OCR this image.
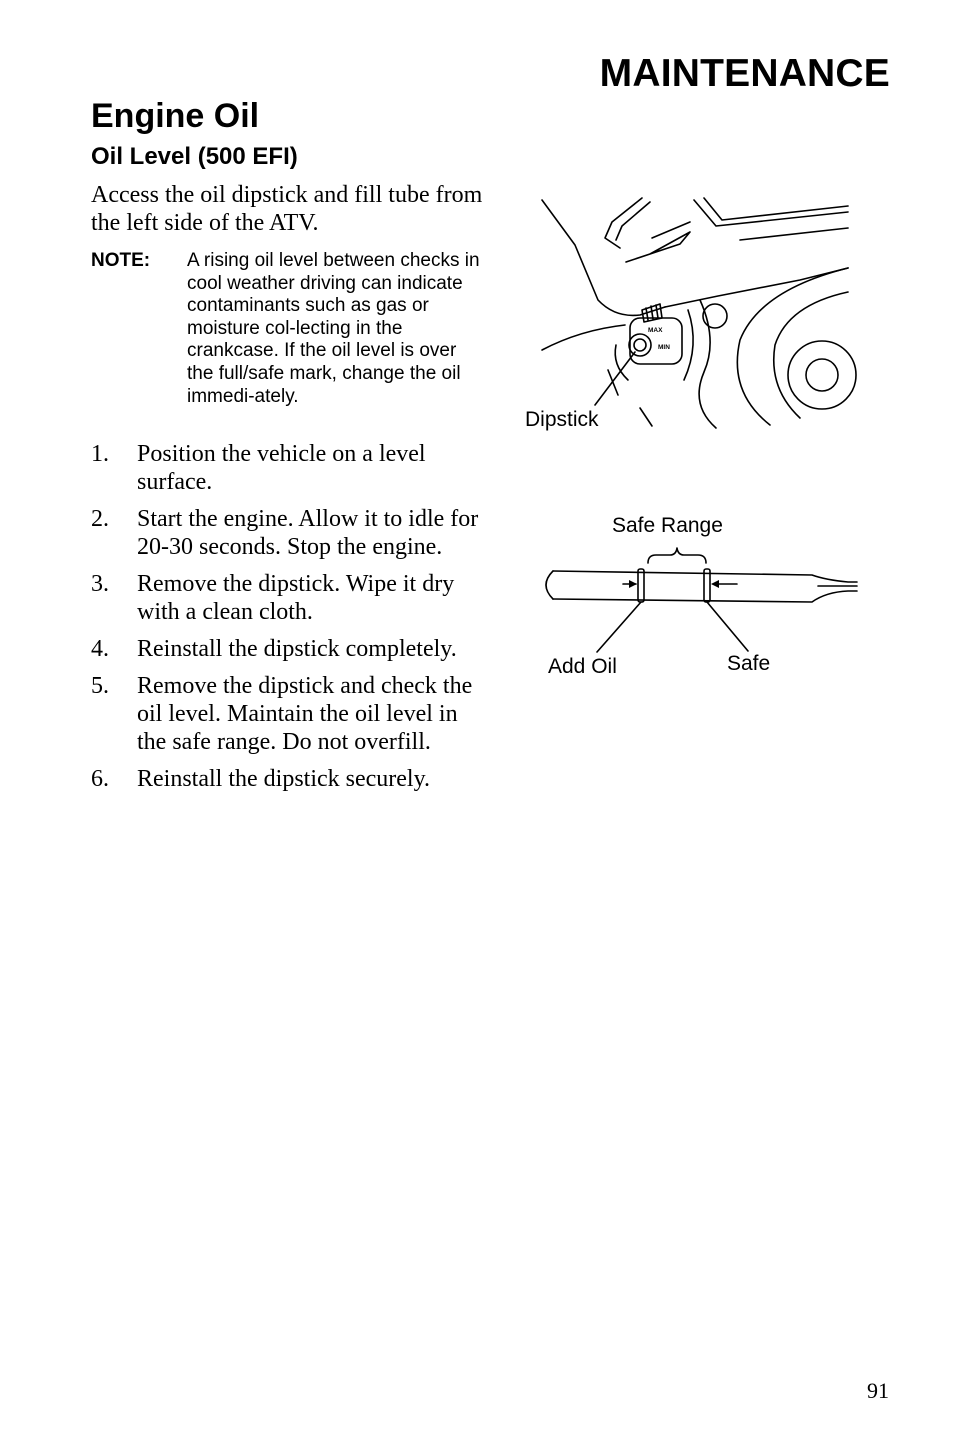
MAINTENANCE
Engine Oil
Oil Level (500 EFI)
Access the oil dipstick and fill tube from the left side of the ATV.
NOTE: A rising oil level between checks in cool weather driving can indicate contaminants such as gas or moisture col-lecting in the crankcase. If the oil level is over the full/safe mark, change the oil immedi-ately.
1. Position the vehicle on a level surface.
2. Start the engine. Allow it to idle for 20-30 seconds. Stop the engine.
3. Remove the dipstick. Wipe it dry with a clean cloth.
4. Reinstall the dipstick completely.
5. Remove the dipstick and check the oil level. Maintain the oil level in the safe range. Do not overfill.
6. Reinstall the dipstick securely.
MAX
MIN
Dipstick
Safe Range
Add Oil	Safe
91
